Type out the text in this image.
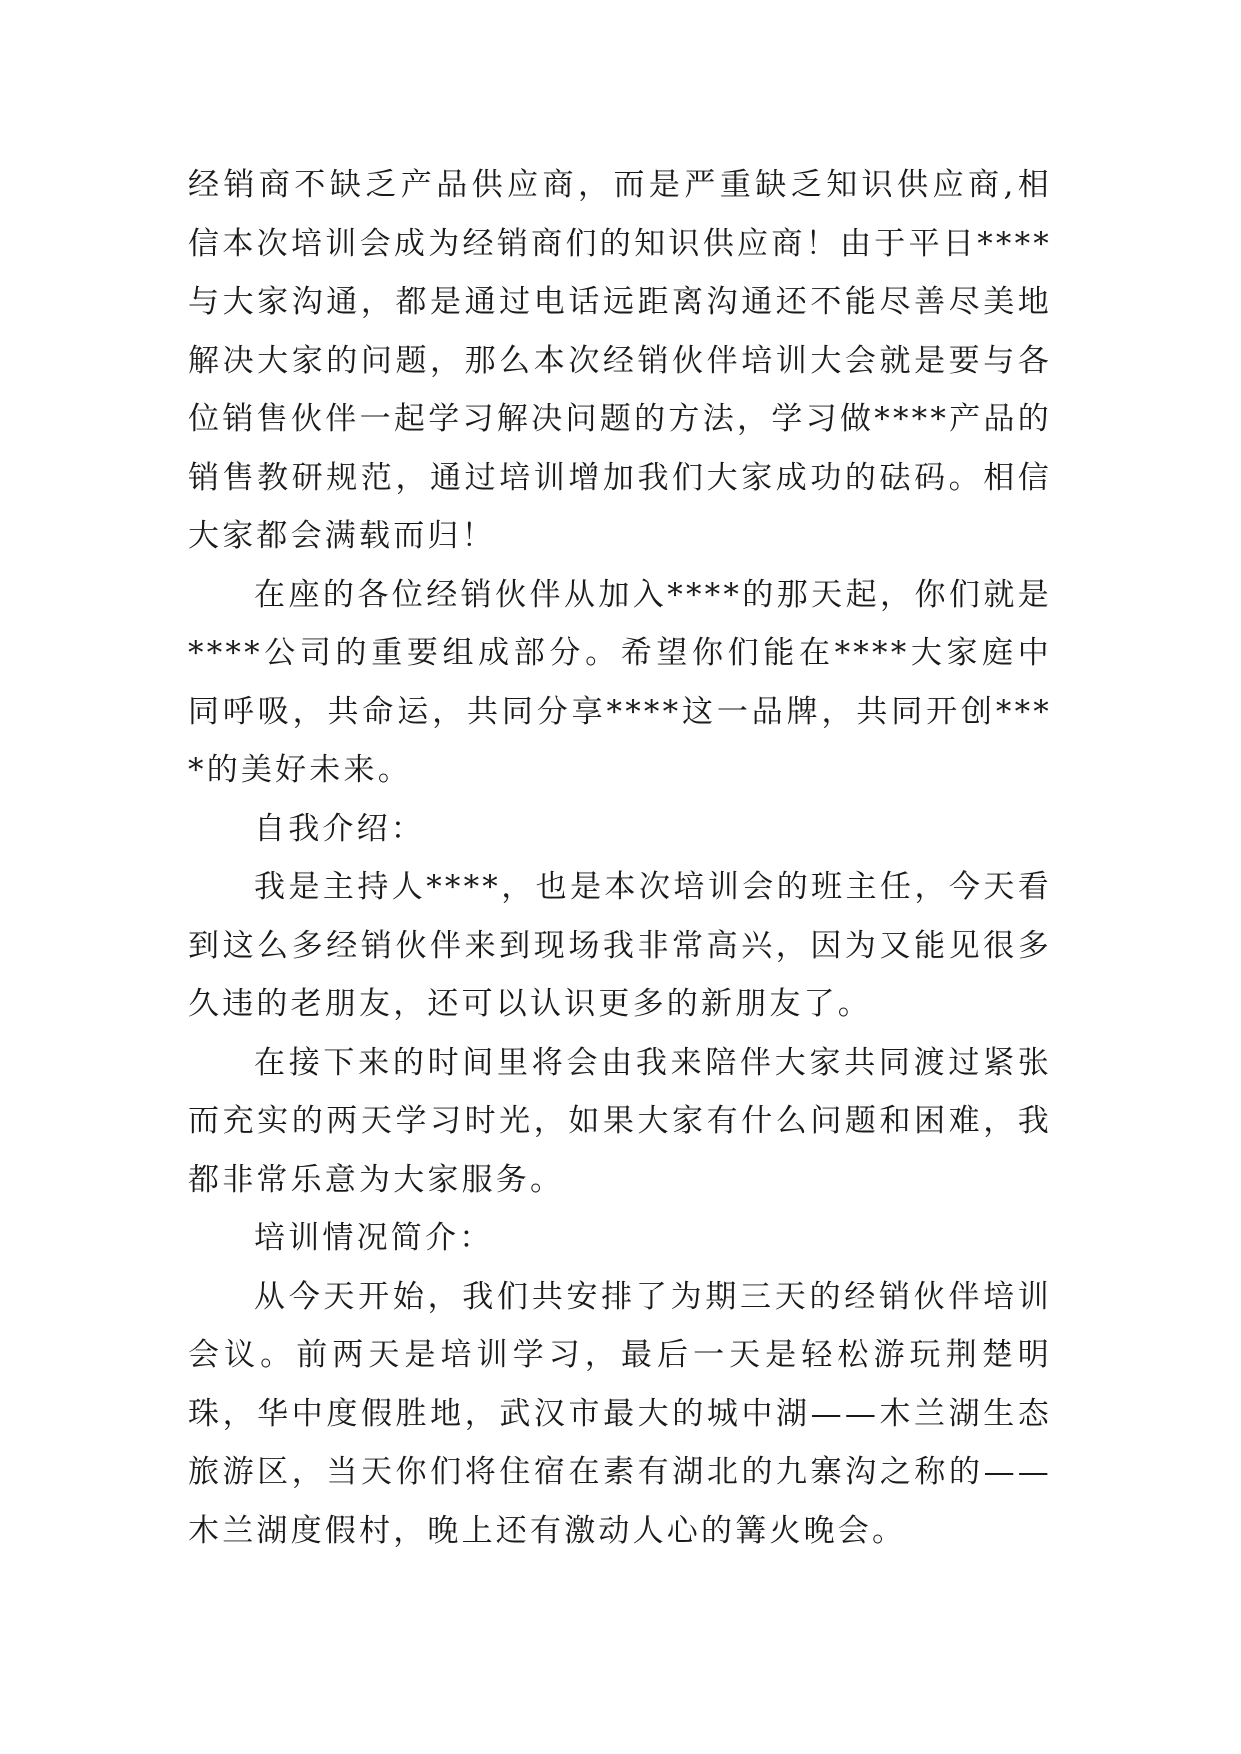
经销商不缺乏产品供应商，而是严重缺乏知识供应商,相信本次培训会成为经销商们的知识供应商！由于平日****与大家沟通，都是通过电话远距离沟通还不能尽善尽美地解决大家的问题，那么本次经销伙伴培训大会就是要与各位销售伙伴一起学习解决问题的方法，学习做****产品的销售教研规范，通过培训增加我们大家成功的砝码。相信大家都会满载而归！

在座的各位经销伙伴从加入****的那天起，你们就是****公司的重要组成部分。希望你们能在****大家庭中同呼吸，共命运，共同分享****这一品牌，共同开创****的美好未来。

自我介绍：

我是主持人****，也是本次培训会的班主任，今天看到这么多经销伙伴来到现场我非常高兴，因为又能见很多久违的老朋友，还可以认识更多的新朋友了。

在接下来的时间里将会由我来陪伴大家共同渡过紧张而充实的两天学习时光，如果大家有什么问题和困难，我都非常乐意为大家服务。

培训情况简介：

从今天开始，我们共安排了为期三天的经销伙伴培训会议。前两天是培训学习，最后一天是轻松游玩荆楚明珠，华中度假胜地，武汉市最大的城中湖——木兰湖生态旅游区，当天你们将住宿在素有湖北的九寨沟之称的——木兰湖度假村，晚上还有激动人心的篝火晚会。
